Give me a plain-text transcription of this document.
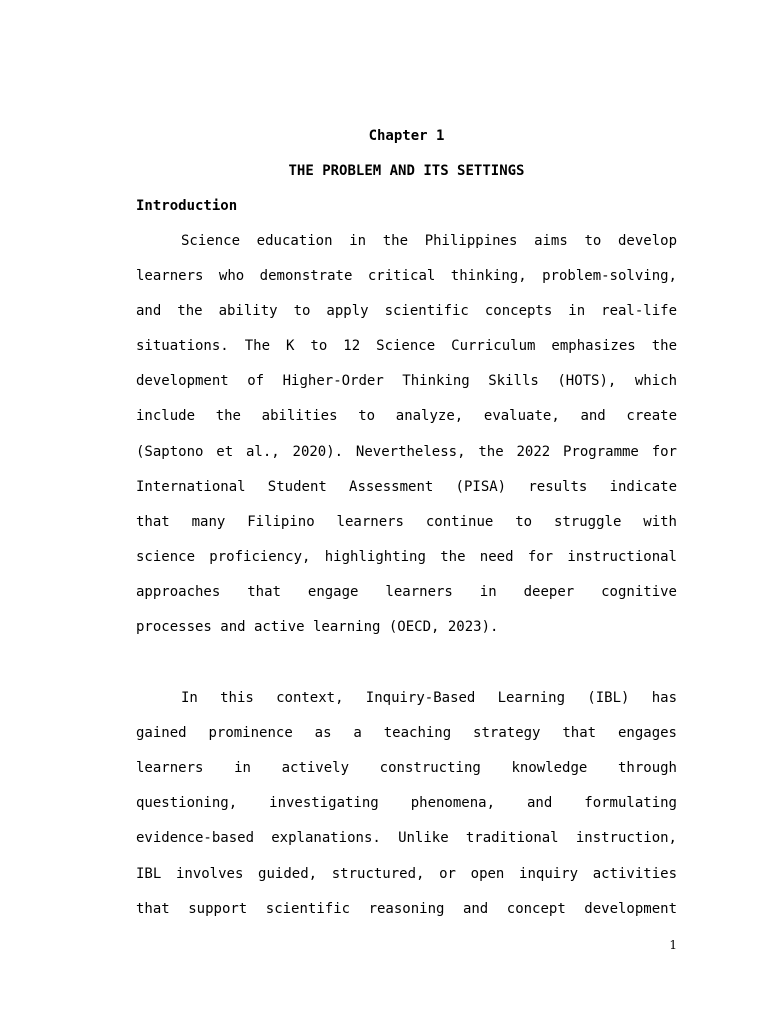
Chapter 1
THE PROBLEM AND ITS SETTINGS
Introduction

Science education in the Philippines aims to develop

learners who demonstrate critical thinking, problem-solving,

and the ability to apply scientific concepts in real-life

situations. The K to 12 Science Curriculum emphasizes the

development of Higher-Order Thinking Skills (HOTS), which

include the abilities to analyze, evaluate, and create

(Saptono et al., 2020). Nevertheless, the 2022 Programme for

International Student Assessment (PISA) results indicate

that many Filipino learners continue to struggle with

science proficiency, highlighting the need for instructional

approaches that engage learners in deeper cognitive

processes and active learning (OECD, 2023).

In this context, Inquiry-Based Learning (IBL) has

gained prominence as a teaching strategy that engages

learners in actively constructing knowledge through

questioning, investigating phenomena, and formulating

evidence-based explanations. Unlike traditional instruction,

IBL involves guided, structured, or open inquiry activities

that support scientific reasoning and concept development

1
